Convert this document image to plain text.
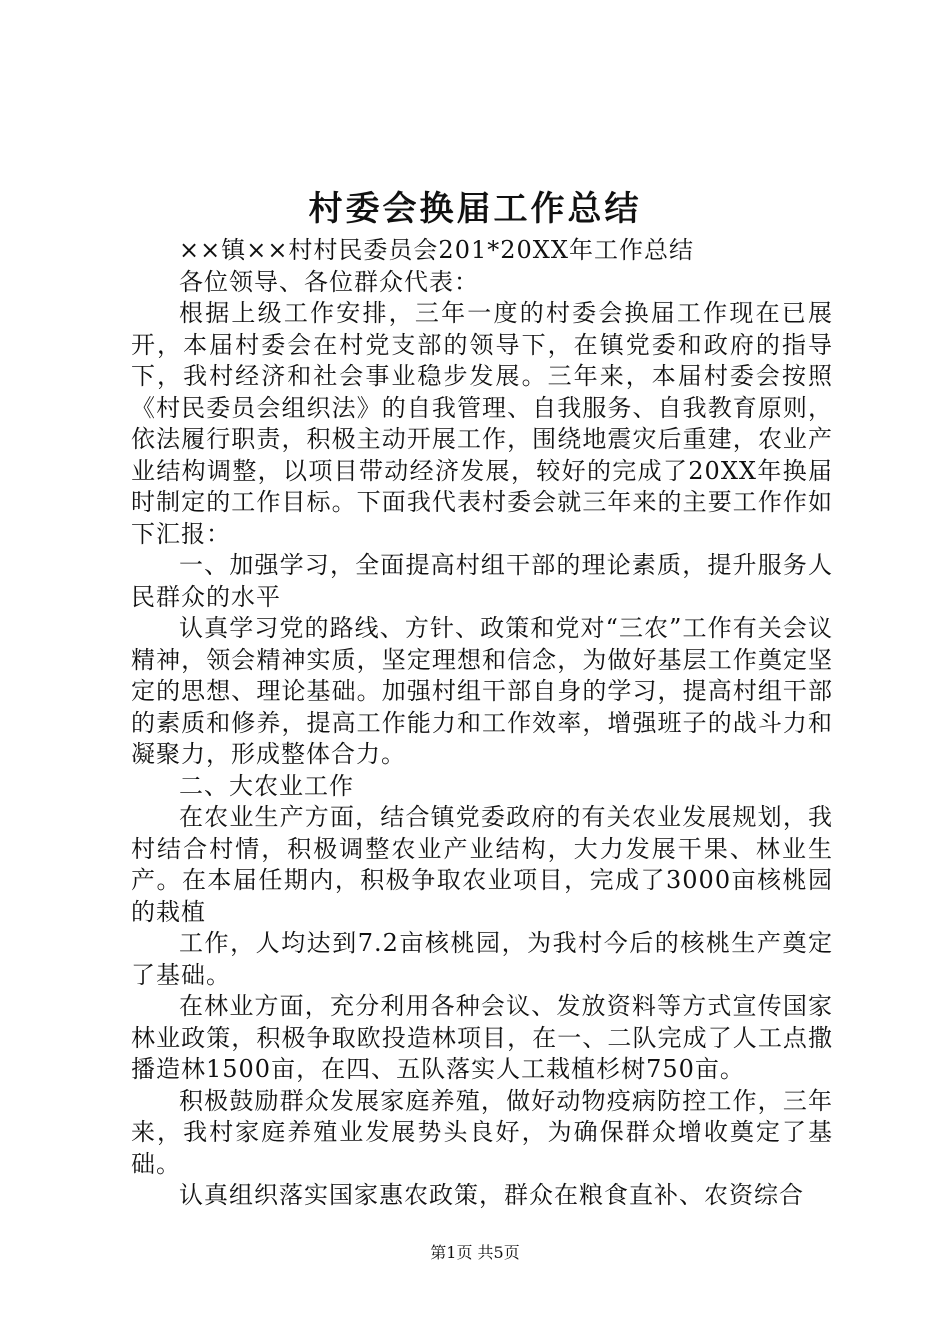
村委会换届工作总结

××镇××村村民委员会201*20XX年工作总结

各位领导、各位群众代表：

根据上级工作安排，三年一度的村委会换届工作现在已展开，本届村委会在村党支部的领导下，在镇党委和政府的指导下，我村经济和社会事业稳步发展。三年来，本届村委会按照《村民委员会组织法》的自我管理、自我服务、自我教育原则，依法履行职责，积极主动开展工作，围绕地震灾后重建，农业产业结构调整，以项目带动经济发展，较好的完成了20XX年换届时制定的工作目标。下面我代表村委会就三年来的主要工作作如下汇报：

一、加强学习，全面提高村组干部的理论素质，提升服务人民群众的水平

认真学习党的路线、方针、政策和党对“三农”工作有关会议精神，领会精神实质，坚定理想和信念，为做好基层工作奠定坚定的思想、理论基础。加强村组干部自身的学习，提高村组干部的素质和修养，提高工作能力和工作效率，增强班子的战斗力和凝聚力，形成整体合力。

二、大农业工作

在农业生产方面，结合镇党委政府的有关农业发展规划，我村结合村情，积极调整农业产业结构，大力发展干果、林业生产。在本届任期内，积极争取农业项目，完成了3000亩核桃园的栽植

工作，人均达到7.2亩核桃园，为我村今后的核桃生产奠定了基础。

在林业方面，充分利用各种会议、发放资料等方式宣传国家林业政策，积极争取欧投造林项目，在一、二队完成了人工点撒播造林1500亩，在四、五队落实人工栽植杉树750亩。

积极鼓励群众发展家庭养殖，做好动物疫病防控工作，三年来，我村家庭养殖业发展势头良好，为确保群众增收奠定了基础。

认真组织落实国家惠农政策，群众在粮食直补、农资综合

第1页 共5页
